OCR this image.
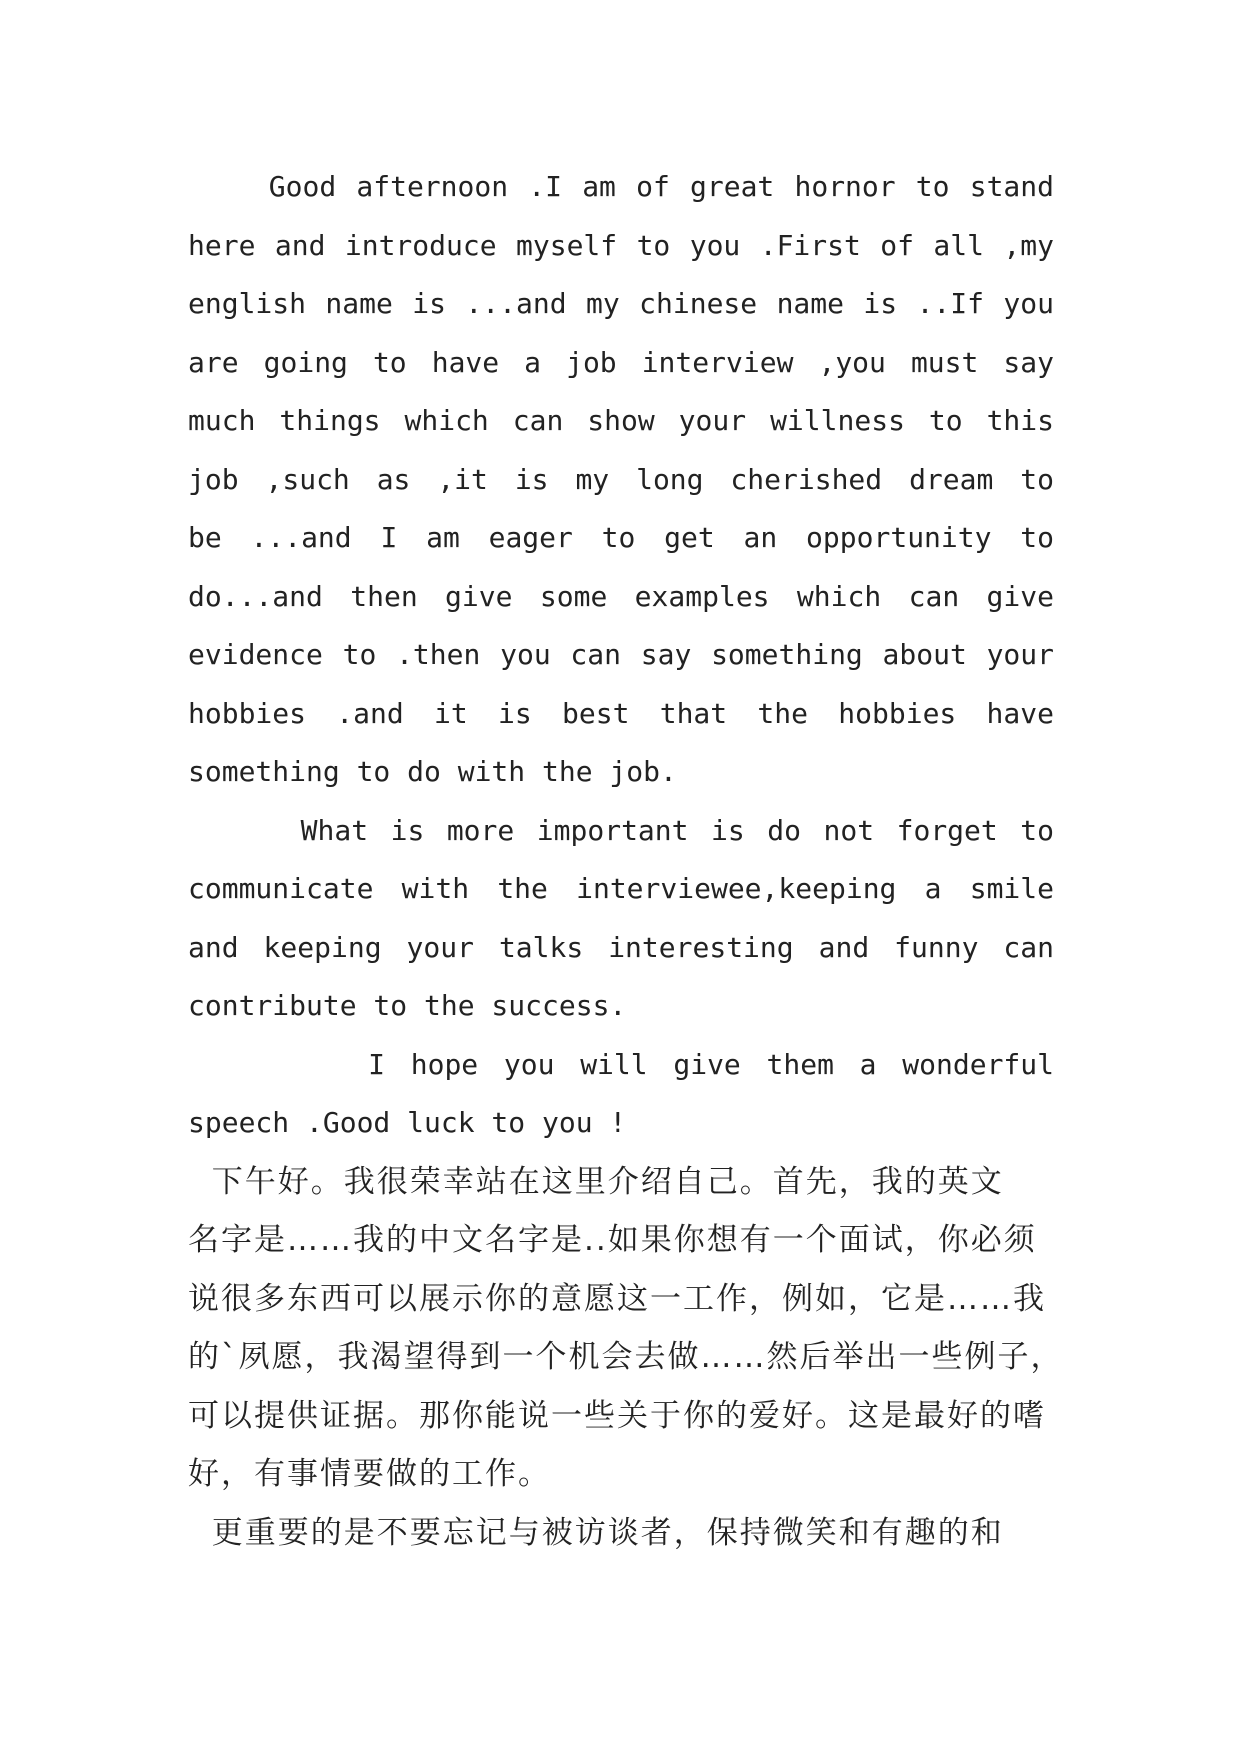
Good afternoon .I am of great hornor to stand
here and introduce myself to you .First of all ,my
english name is ...and my chinese name is ..If you
are going to have a job interview ,you must say
much things which can show your willness to this
job ,such as ,it is my long cherished dream to
be ...and I am eager to get an opportunity to
do...and then give some examples which can give
evidence to .then you can say something about your
hobbies .and it is best that the hobbies have
something to do with the job.
What is more important is do not forget to
communicate with the interviewee,keeping a smile
and keeping your talks interesting and funny can
contribute to the success.
I hope you will give them a wonderful
speech .Good luck to you !
下午好。我很荣幸站在这里介绍自己。首先，我的英文
名字是……我的中文名字是..如果你想有一个面试，你必须
说很多东西可以展示你的意愿这一工作，例如，它是……我
的`夙愿，我渴望得到一个机会去做……然后举出一些例子，
可以提供证据。那你能说一些关于你的爱好。这是最好的嗜
好，有事情要做的工作。
更重要的是不要忘记与被访谈者，保持微笑和有趣的和
